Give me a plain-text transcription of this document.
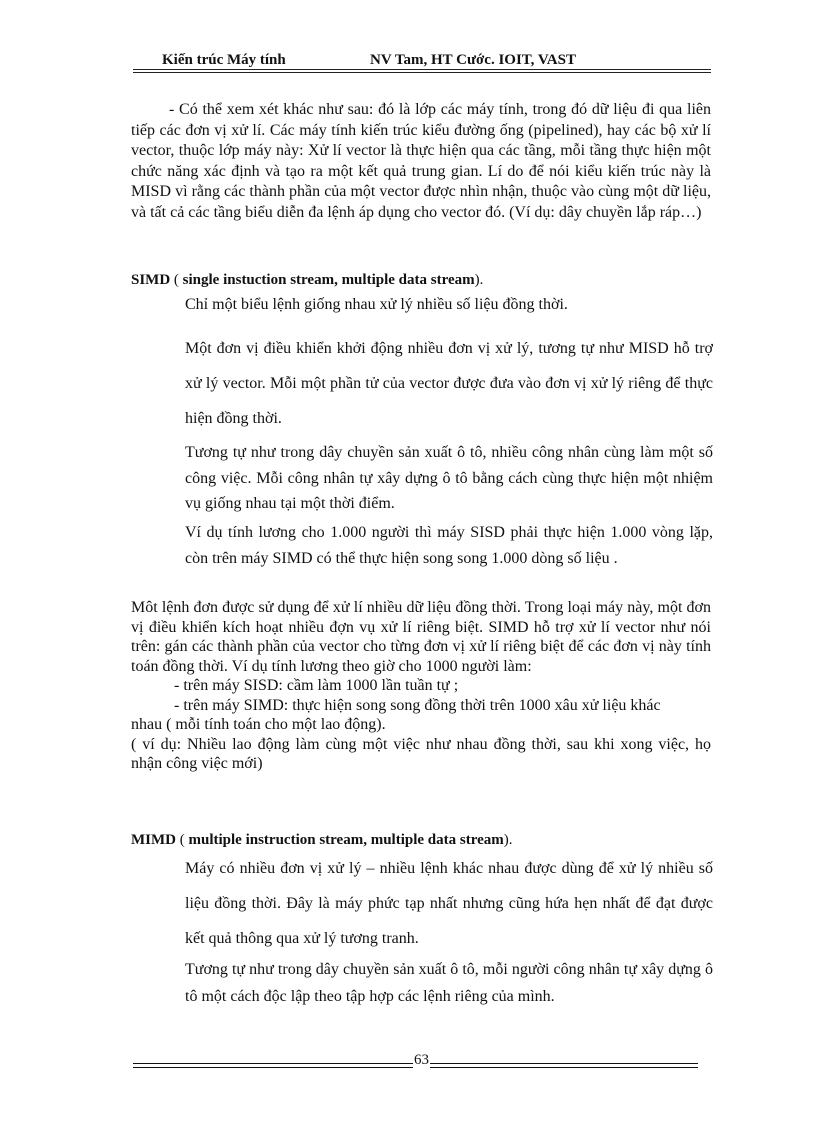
Kiến trúc Máy tính	NV Tam, HT Cước. IOIT, VAST

- Có thể xem xét khác như sau: đó là lớp các máy tính, trong đó dữ liệu đi qua liên tiếp các đơn vị xử lí. Các máy tính kiến trúc kiểu đường ống (pipelined), hay các bộ xử lí vector, thuộc lớp máy này: Xử lí vector là thực hiện qua các tầng, mỗi tầng thực hiện một chức năng xác định và tạo ra một kết quả trung gian. Lí do để nói kiểu kiến trúc này là MISD vì rằng các thành phần của một vector được nhìn nhận, thuộc vào cùng một dữ liệu, và tất cả các tầng biểu diễn đa lệnh áp dụng cho vector đó. (Ví dụ: dây chuyền lắp ráp…)

SIMD ( single instuction stream, multiple data stream).

Chỉ một biểu lệnh giống nhau xử lý nhiều số liệu đồng thời.

Một đơn vị điều khiển khởi động nhiều đơn vị xử lý, tương tự như MISD hỗ trợ xử lý vector. Mỗi một phần tử của vector được đưa vào đơn vị xử lý riêng để thực hiện đồng thời.

Tương tự như trong dây chuyền sản xuất ô tô, nhiều công nhân cùng làm một số công việc. Mỗi công nhân tự xây dựng ô tô bằng cách cùng thực hiện một nhiệm vụ giống nhau tại một thời điểm.

Ví dụ tính lương cho 1.000 người thì máy SISD phải thực hiện 1.000 vòng lặp, còn trên máy SIMD có thể thực hiện song song 1.000 dòng số liệu .

Môt lệnh đơn được sử dụng để xử lí nhiều dữ liệu đồng thời. Trong loại máy này, một đơn vị điều khiển kích hoạt nhiều đợn vụ xử lí riêng biệt. SIMD hỗ trợ xử lí vector như nói trên: gán các thành phần của vector cho từng đơn vị xử lí riêng biệt để các đơn vị này tính toán đồng thời. Ví dụ tính lương theo giờ cho 1000 người làm:

- trên máy SISD: cầm làm 1000 lần tuần tự ;

- trên máy SIMD: thực hiện song song đồng thời trên 1000 xâu xử liệu khác

nhau ( mỗi tính toán cho một lao động).

( ví dụ: Nhiều lao động làm cùng một việc như nhau đồng thời, sau khi xong việc, họ nhận công việc mới)

MIMD ( multiple instruction stream, multiple data stream).

Máy có nhiều đơn vị xử lý – nhiều lệnh khác nhau được dùng để xử lý nhiều số liệu đồng thời. Đây là máy phức tạp nhất nhưng cũng hứa hẹn nhất để đạt được kết quả thông qua xử lý tương tranh.

Tương tự như trong dây chuyền sản xuất ô tô, mỗi người công nhân tự xây dựng ô tô một cách độc lập theo tập hợp các lệnh riêng của mình.

63
